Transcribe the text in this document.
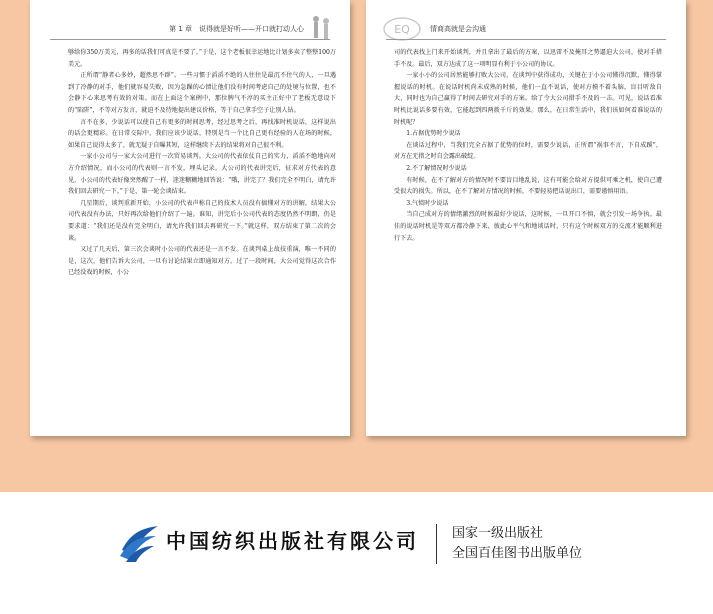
第 1 章　说得就是好听——开口就打动人心

够给你350万美元，再多的话我们可真是不要了。”于是，这个老板很幸运地比计划多卖了整整100万美元。

正所谓“静者心多妙，超然思不群”。一些习惯于滔滔不绝的人往往是最沉不住气的人，一旦遇到了冷静的对手，他们就容易失败，因为急躁的心情让他们没有时间考虑自己的处境与位置，也不会静下心来思考有效的对策。而在上面这个案例中，那位脾气不淳的买主正好中了老板无意设下的“陷阱”，不等对方发言，就迫不及待地提出建议价格，等于自己拿手空子让别人钻。

言不在多，少说话可以使自己有更多的时间思考，经过思考之后，再找准时机说话，这样说出的话会更精彩。在日常交际中，我们应该少说话，特别是当一个比自己更有经验的人在场的时候，如果自己说得太多了，就无疑于自曝其短，这样继续下去的结果将对自己很不利。

一家小公司与一家大公司进行一次贸易谈判。大公司的代表依仗自己的实力，滔滔不绝地向对方介绍情况，而小公司的代表则一言不发，埋头记录。大公司的代表讲完后，征求对方代表的意见，小公司的代表好像突然醒了一样，迷迷糊糊地回答说：“哦，讲完了？我们完全不明白，请允许我们回去研究一下。”于是，第一轮会谈结束。

几星期后，谈判重新开始，小公司的代表声称自己的技术人员没有搞懂对方的讲解，结果大公司代表没有办法，只好再次给他们介绍了一遍。谁知，讲完后小公司代表的态度仍然不明朗，仍是要求道：“我们还是没有完全明白，请允许我们回去再研究一下。”就这样，双方结束了第二次的会谈。

又过了几天后，第三次会谈时小公司的代表还是一言不发。在谈判桌上故技重演，唯一不同的是，这次，他们告诉大公司，一旦有讨论结果立即通知对方。过了一段时间，大公司觉得这次合作已经没戏的时候，小公

EQ	情商高就是会沟通

司的代表找上门来开始谈判，并且拿出了最后的方案，以迅雷不及掩耳之势逼迫大公司，使对手措手不及。最后，双方达成了这一项明显有利于小公司的协议。

一家小小的公司居然能够打败大公司，在谈判中获得成功，关键在于小公司懂得沉默，懂得掌握说话的时机。在说话时机尚未成熟的时候，他们一直不说话，使对方摸不着头脑，盲目听敌自大，同时也为自己赢得了时间去研究对手的方案。给了令大公司措手不及的一击。可见，说话看准时机比说话多要有效，它能起到四两拨千斤的效果。那么，在日常生活中，我们该如何看准说话的时机呢？

1.占据优势时少说话

在谈话过程中，当我们完全占据了优势的位时，需要少说话，正所谓“祸事不言，下自成蹊”，对方在无措之时自会露出破绽。

2.不了解情况时少说话

有时候，在不了解对方的情况时不要盲目地乱说，这有可能会给对方提供可乘之机，使自己遭受很大的损失。所以，在不了解对方情况的时候，不要轻易把话说出口，需要谨慎用语。

3.气愤时少说话

当自己成对方的情绪激烈的时候最好少说话，这时候，一旦开口不慎，就会引发一场争执。最佳的说话时机是等双方都冷静下来、彼此心平气和地谈话时，只有这个时候双方的交流才能顺利进行下去。

中国纺织出版社有限公司	国家一级出版社
全国百佳图书出版单位
